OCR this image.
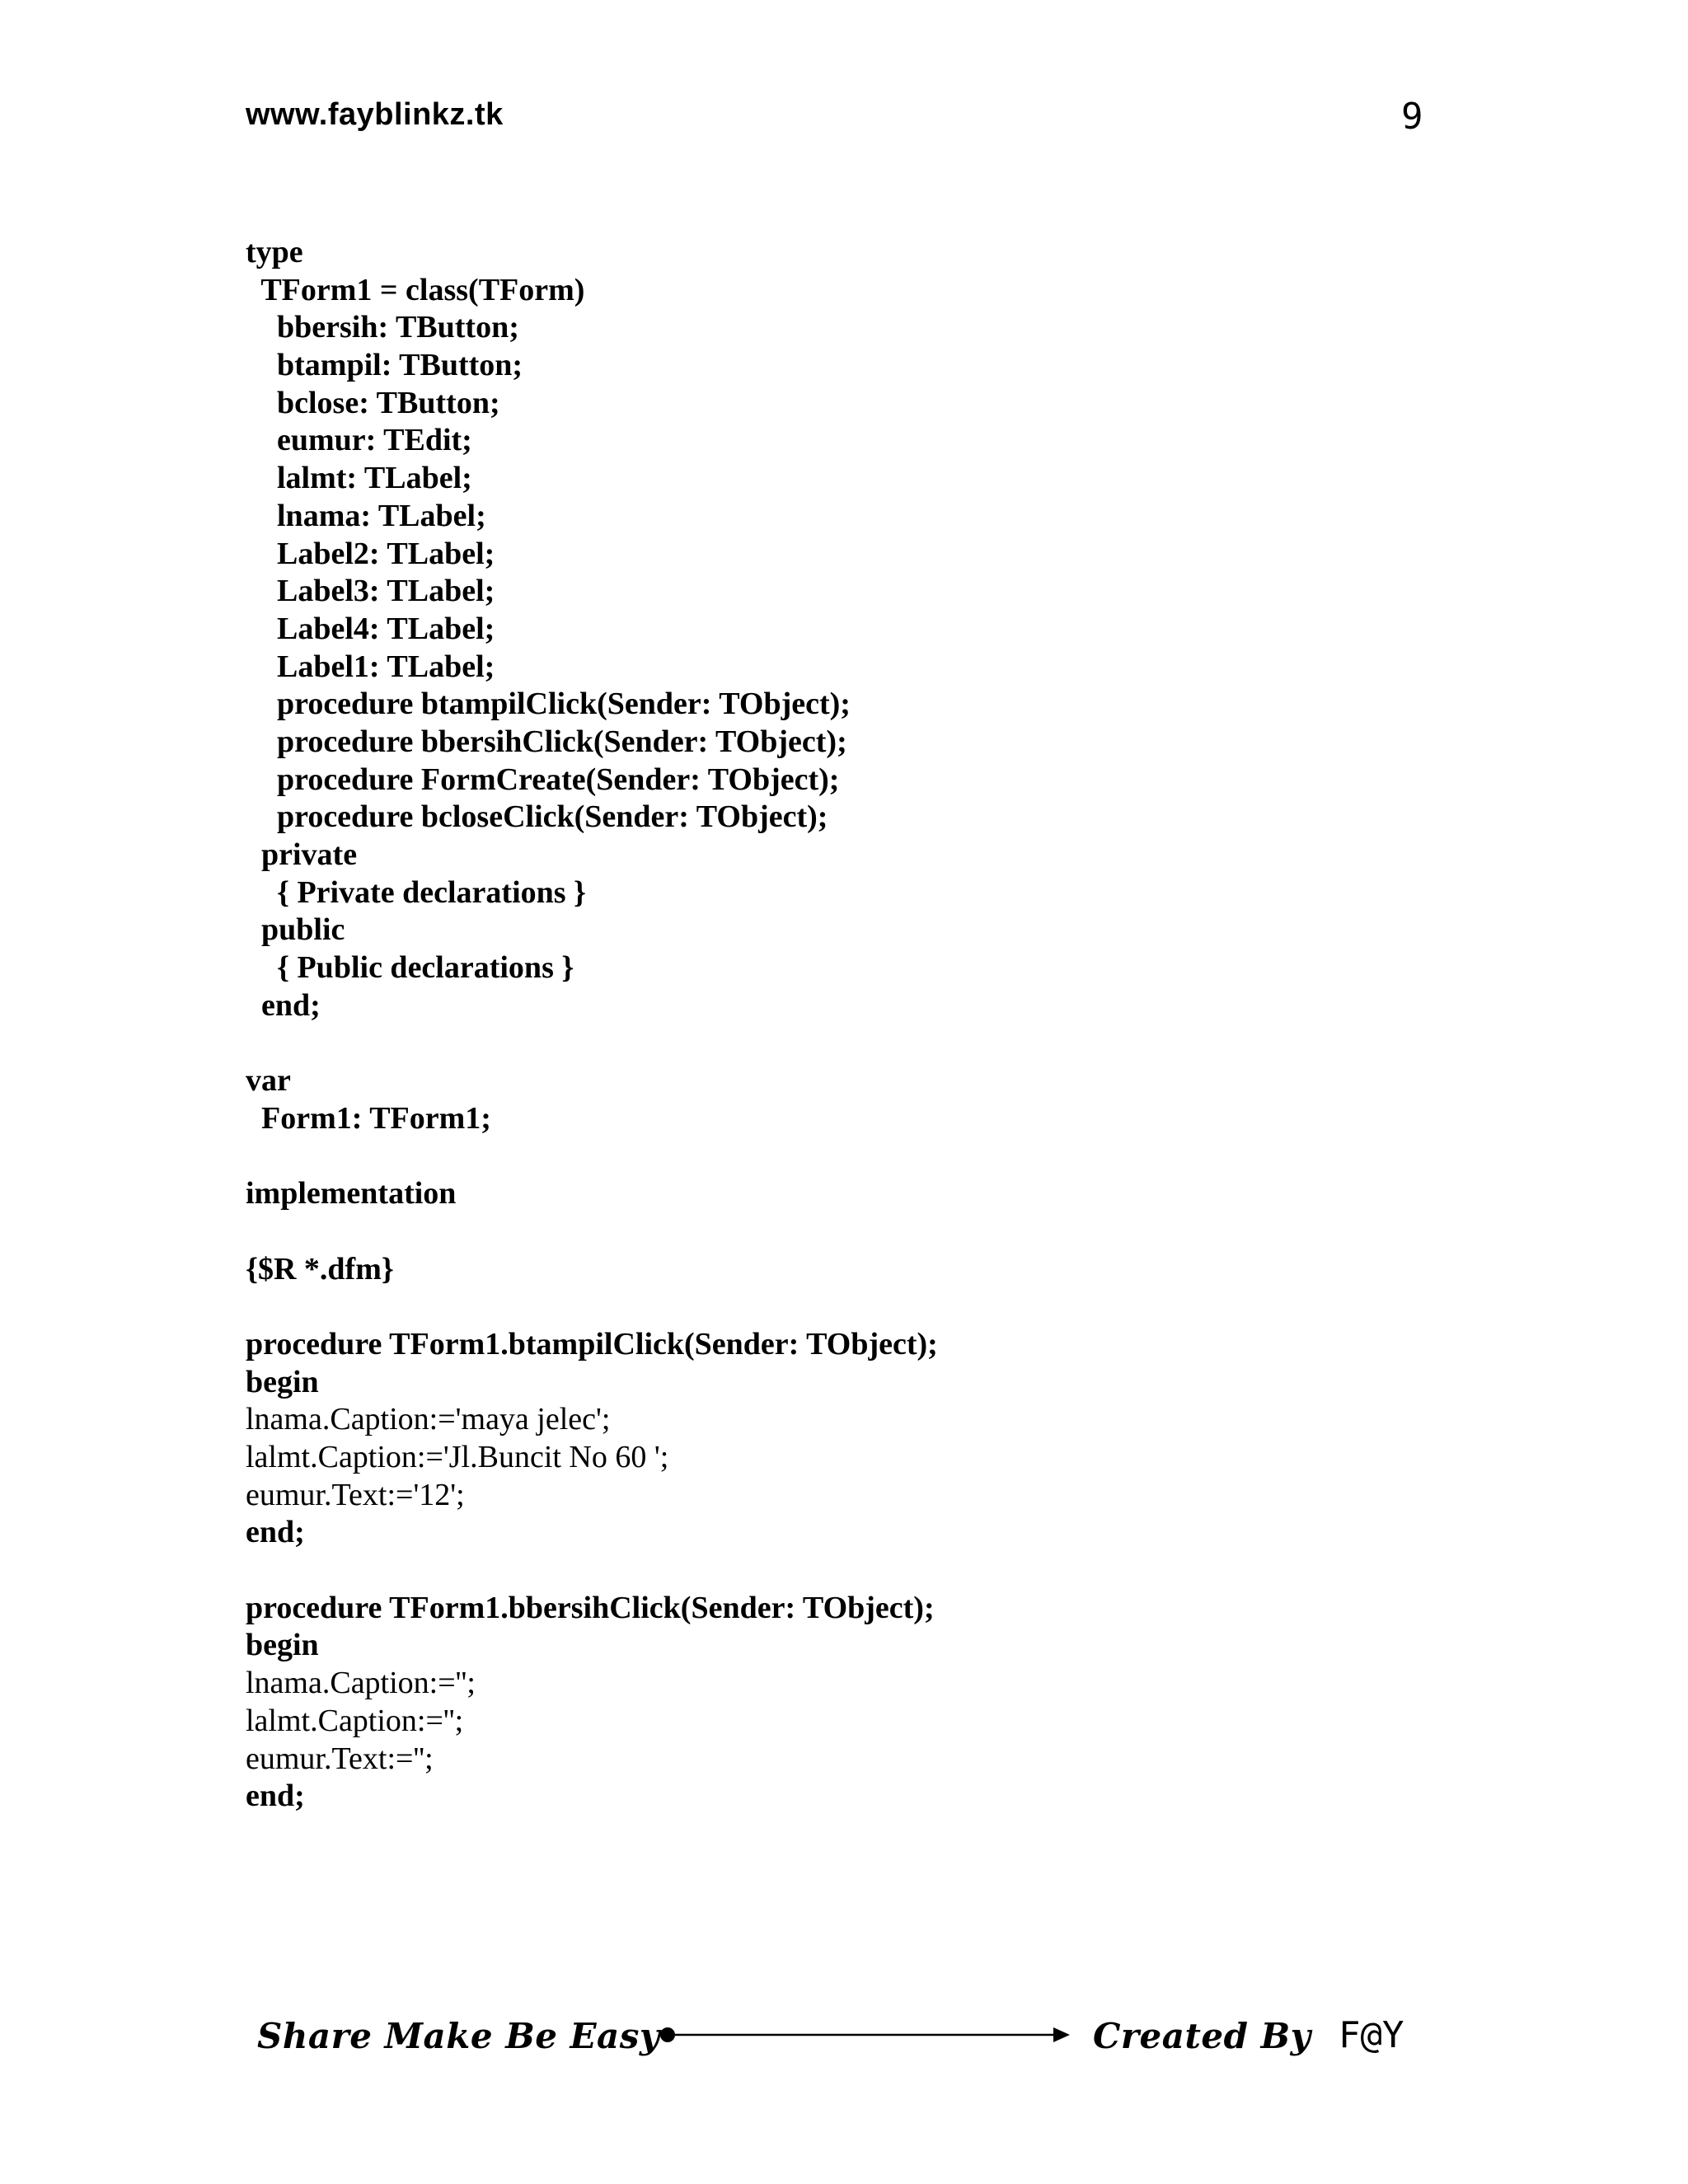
www.fayblinkz.tk	9
type
TForm1 = class(TForm)
bbersih: TButton;
btampil: TButton;
bclose: TButton;
eumur: TEdit;
lalmt: TLabel;
lnama: TLabel;
Label2: TLabel;
Label3: TLabel;
Label4: TLabel;
Label1: TLabel;
procedure btampilClick(Sender: TObject);
procedure bbersihClick(Sender: TObject);
procedure FormCreate(Sender: TObject);
procedure bcloseClick(Sender: TObject);
private
{ Private declarations }
public
{ Public declarations }
end;
var
Form1: TForm1;
implementation
{$R *.dfm}
procedure TForm1.btampilClick(Sender: TObject);
begin
lnama.Caption:='maya jelec';
lalmt.Caption:='Jl.Buncit No 60 ';
eumur.Text:='12';
end;
procedure TForm1.bbersihClick(Sender: TObject);
begin
lnama.Caption:='';
lalmt.Caption:='';
eumur.Text:='';
end;
Share Make Be Easy	Created By F@Y
